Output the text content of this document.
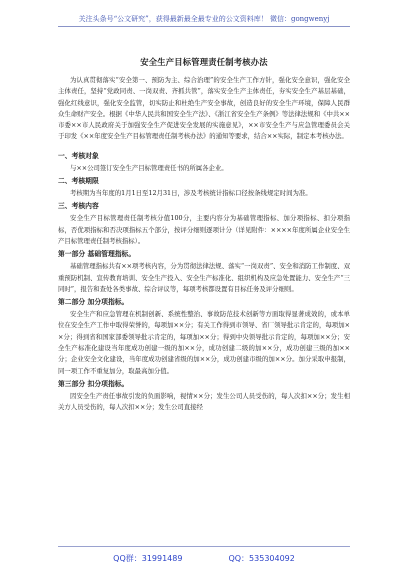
关注头条号“公文研究”，获得最新最全最专业的公文资料库！ 微信：gongwenyj

安全生产目标管理责任制考核办法

为认真贯彻落实“安全第一、预防为主、综合治理”的安全生产工作方针，强化安全意识，强化安全主体责任，坚持“党政同责、一岗双责、齐抓共管”，落实安全生产主体责任，夯实安全生产基层基础，强化红线意识，强化安全监管，切实防止和杜绝生产安全事故，创造良好的安全生产环境，保障人民群众生命财产安全。根据《中华人民共和国安全生产法》、《浙江省安全生产条例》等法律法规和《中共××市委××市人民政府关于加强安全生产促进安全发展的实施意见》，××市安全生产与应急管理委员会关于印发《××年度安全生产目标管理责任制考核办法》的通知等要求，结合××实际，制定本考核办法。

一、考核对象

与××公司签订安全生产目标管理责任书的所属各企业。

二、考核期限

考核期为当年度的1月1日至12月31日，涉及考核统计指标口径按条线规定时间为准。

三、考核内容

安全生产目标管理责任制考核分值100分，主要内容分为基础管理指标、加分项指标、扣分项指标，否优项指标和否决项指标五个部分，按评分细则逐项计分（详见附件：××××年度所属企业安全生产目标管理责任制考核指标）。

第一部分 基础管理指标。

基础管理指标共有××项考核内容，分为贯彻法律法规、落实“一岗双责”、安全和消防工作制度、双重预防机制、宣传教育培训、安全生产投入、安全生产标准化、组织机构及应急处置能力、安全生产“三同时”，报告和查处各类事故、综合评议等，每项考核都设置有目标任务及评分细则。

第二部分 加分项指标。

安全生产和应急管理在机制创新、系统性整治、事故防范技术创新等方面取得显著成效的，或本单位在安全生产工作中取得荣誉的，每项加××分；有关工作得到市领导、省厂领导批示肯定的，每项加××分；得到省和国家部委领导批示肯定的，每项加××分；得到中央领导批示肯定的，每项加××分；安全生产标准化建设当年度成功创建一级的加××分，成功创建二级的加××分，成功创建三级的加××分；企业安全文化建设，当年度成功创建省级的加××分，成功创建市级的加××分。加分采取申报制，同一项工作不重复加分，取最高加分值。

第三部分 扣分项指标。

因安全生产责任事故引发的负面影响，视情××分；发生公司人员受伤的，每人次扣××分；发生相关方人员受伤的，每人次扣××分；发生公司直接经

QQ群：31991489	QQ：535304092
